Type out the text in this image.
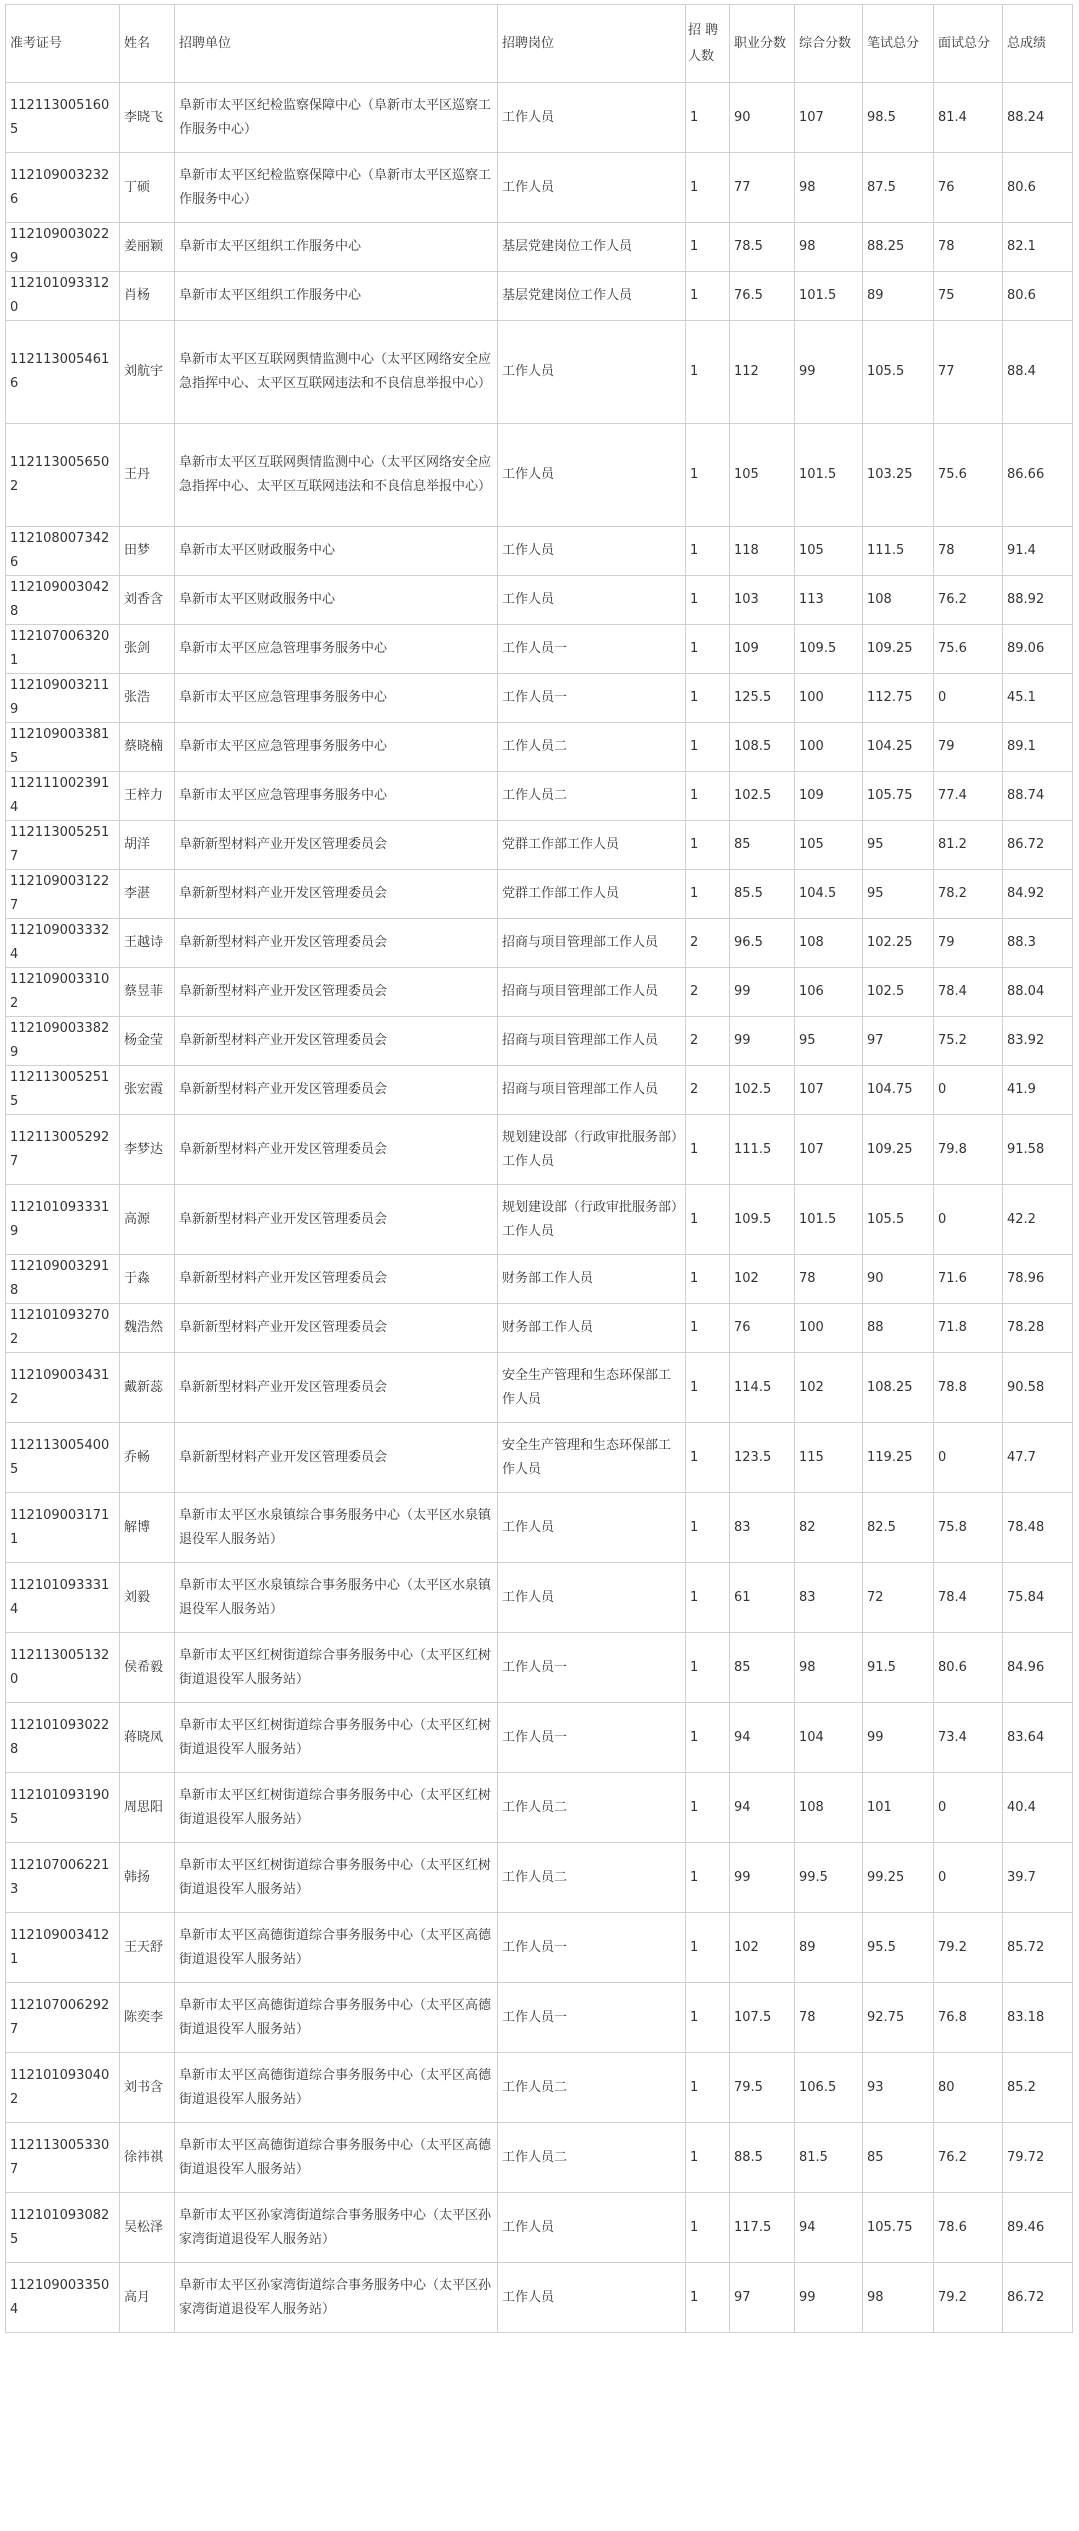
准考证号	姓名	招聘单位	招聘岗位	招 聘 人数	职业分数	综合分数	笔试总分	面试总分	总成绩
1121130051605	李晓飞	阜新市太平区纪检监察保障中心（阜新市太平区巡察工作服务中心）	工作人员	1	90	107	98.5	81.4	88.24
1121090032326	丁硕	阜新市太平区纪检监察保障中心（阜新市太平区巡察工作服务中心）	工作人员	1	77	98	87.5	76	80.6
1121090030229	姜丽颖	阜新市太平区组织工作服务中心	基层党建岗位工作人员	1	78.5	98	88.25	78	82.1
1121010933120	肖杨	阜新市太平区组织工作服务中心	基层党建岗位工作人员	1	76.5	101.5	89	75	80.6
1121130054616	刘航宇	阜新市太平区互联网舆情监测中心（太平区网络安全应急指挥中心、太平区互联网违法和不良信息举报中心）	工作人员	1	112	99	105.5	77	88.4
1121130056502	王丹	阜新市太平区互联网舆情监测中心（太平区网络安全应急指挥中心、太平区互联网违法和不良信息举报中心）	工作人员	1	105	101.5	103.25	75.6	86.66
1121080073426	田梦	阜新市太平区财政服务中心	工作人员	1	118	105	111.5	78	91.4
1121090030428	刘香含	阜新市太平区财政服务中心	工作人员	1	103	113	108	76.2	88.92
1121070063201	张剑	阜新市太平区应急管理事务服务中心	工作人员一	1	109	109.5	109.25	75.6	89.06
1121090032119	张浩	阜新市太平区应急管理事务服务中心	工作人员一	1	125.5	100	112.75	0	45.1
1121090033815	蔡晓楠	阜新市太平区应急管理事务服务中心	工作人员二	1	108.5	100	104.25	79	89.1
1121110023914	王梓力	阜新市太平区应急管理事务服务中心	工作人员二	1	102.5	109	105.75	77.4	88.74
1121130052517	胡洋	阜新新型材料产业开发区管理委员会	党群工作部工作人员	1	85	105	95	81.2	86.72
1121090031227	李湛	阜新新型材料产业开发区管理委员会	党群工作部工作人员	1	85.5	104.5	95	78.2	84.92
1121090033324	王越诗	阜新新型材料产业开发区管理委员会	招商与项目管理部工作人员	2	96.5	108	102.25	79	88.3
1121090033102	蔡昱菲	阜新新型材料产业开发区管理委员会	招商与项目管理部工作人员	2	99	106	102.5	78.4	88.04
1121090033829	杨金莹	阜新新型材料产业开发区管理委员会	招商与项目管理部工作人员	2	99	95	97	75.2	83.92
1121130052515	张宏霞	阜新新型材料产业开发区管理委员会	招商与项目管理部工作人员	2	102.5	107	104.75	0	41.9
1121130052927	李梦达	阜新新型材料产业开发区管理委员会	规划建设部（行政审批服务部）工作人员	1	111.5	107	109.25	79.8	91.58
1121010933319	高源	阜新新型材料产业开发区管理委员会	规划建设部（行政审批服务部）工作人员	1	109.5	101.5	105.5	0	42.2
1121090032918	于淼	阜新新型材料产业开发区管理委员会	财务部工作人员	1	102	78	90	71.6	78.96
1121010932702	魏浩然	阜新新型材料产业开发区管理委员会	财务部工作人员	1	76	100	88	71.8	78.28
1121090034312	戴新蕊	阜新新型材料产业开发区管理委员会	安全生产管理和生态环保部工作人员	1	114.5	102	108.25	78.8	90.58
1121130054005	乔畅	阜新新型材料产业开发区管理委员会	安全生产管理和生态环保部工作人员	1	123.5	115	119.25	0	47.7
1121090031711	解博	阜新市太平区水泉镇综合事务服务中心（太平区水泉镇退役军人服务站）	工作人员	1	83	82	82.5	75.8	78.48
1121010933314	刘毅	阜新市太平区水泉镇综合事务服务中心（太平区水泉镇退役军人服务站）	工作人员	1	61	83	72	78.4	75.84
1121130051320	侯希毅	阜新市太平区红树街道综合事务服务中心（太平区红树街道退役军人服务站）	工作人员一	1	85	98	91.5	80.6	84.96
1121010930228	蒋晓凤	阜新市太平区红树街道综合事务服务中心（太平区红树街道退役军人服务站）	工作人员一	1	94	104	99	73.4	83.64
1121010931905	周思阳	阜新市太平区红树街道综合事务服务中心（太平区红树街道退役军人服务站）	工作人员二	1	94	108	101	0	40.4
1121070062213	韩扬	阜新市太平区红树街道综合事务服务中心（太平区红树街道退役军人服务站）	工作人员二	1	99	99.5	99.25	0	39.7
1121090034121	王天舒	阜新市太平区高德街道综合事务服务中心（太平区高德街道退役军人服务站）	工作人员一	1	102	89	95.5	79.2	85.72
1121070062927	陈奕李	阜新市太平区高德街道综合事务服务中心（太平区高德街道退役军人服务站）	工作人员一	1	107.5	78	92.75	76.8	83.18
1121010930402	刘书含	阜新市太平区高德街道综合事务服务中心（太平区高德街道退役军人服务站）	工作人员二	1	79.5	106.5	93	80	85.2
1121130053307	徐祎祺	阜新市太平区高德街道综合事务服务中心（太平区高德街道退役军人服务站）	工作人员二	1	88.5	81.5	85	76.2	79.72
1121010930825	吴松泽	阜新市太平区孙家湾街道综合事务服务中心（太平区孙家湾街道退役军人服务站）	工作人员	1	117.5	94	105.75	78.6	89.46
1121090033504	高月	阜新市太平区孙家湾街道综合事务服务中心（太平区孙家湾街道退役军人服务站）	工作人员	1	97	99	98	79.2	86.72
